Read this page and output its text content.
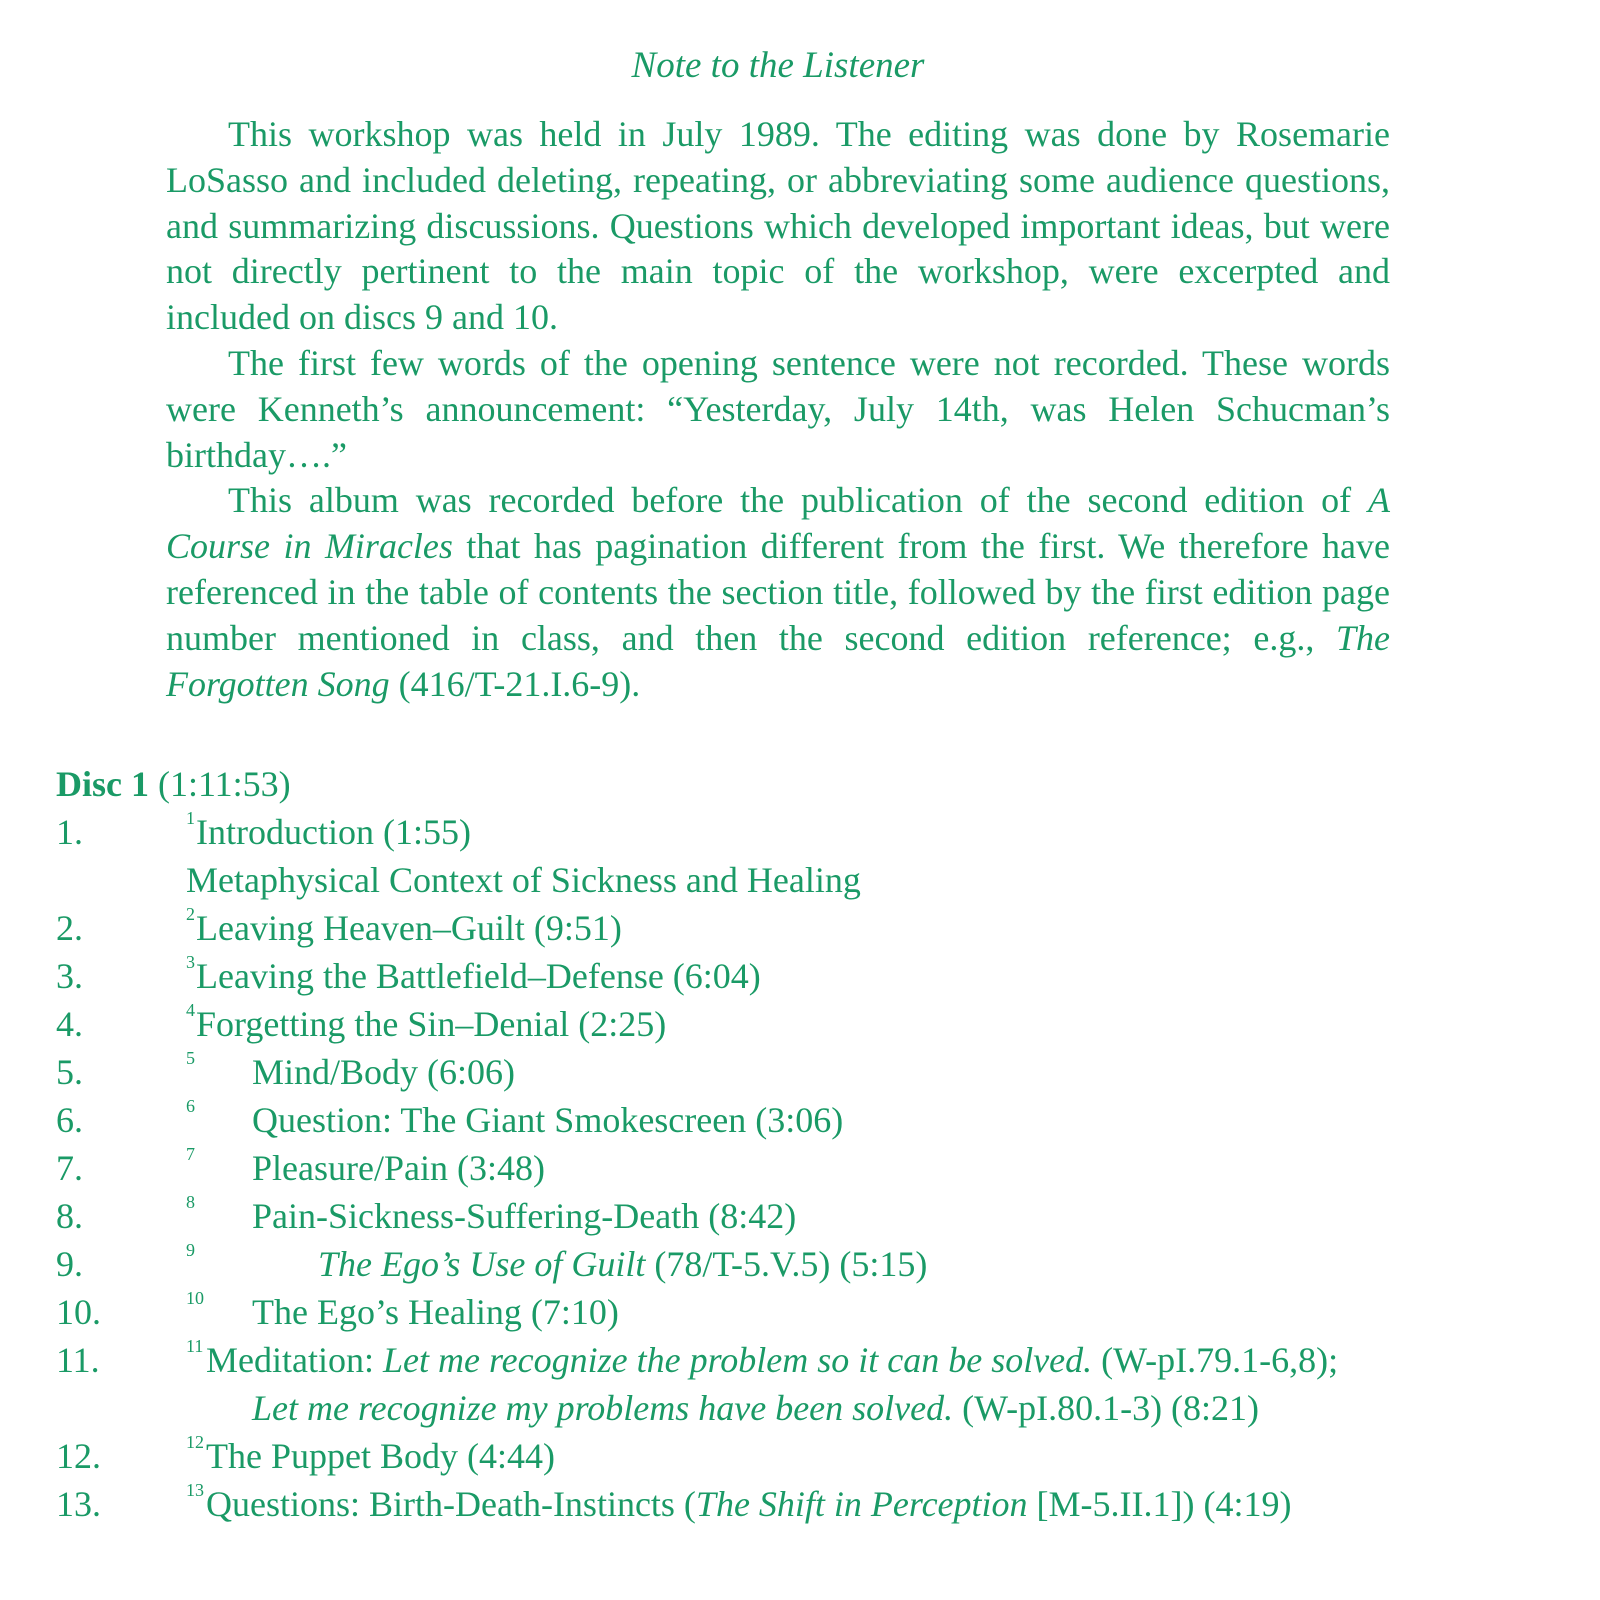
Note to the Listener

This workshop was held in July 1989. The editing was done by Rosemarie LoSasso and included deleting, repeating, or abbreviating some audience questions, and summarizing discussions. Questions which developed important ideas, but were not directly pertinent to the main topic of the workshop, were excerpted and included on discs 9 and 10.

The first few words of the opening sentence were not recorded. These words were Kenneth’s announcement: “Yesterday, July 14th, was Helen Schucman’s birthday….”

This album was recorded before the publication of the second edition of A Course in Miracles that has pagination different from the first. We therefore have referenced in the table of contents the section title, followed by the first edition page number mentioned in class, and then the second edition reference; e.g., The Forgotten Song (416/T-21.I.6-9).

Disc 1 (1:11:53)
1.	1 Introduction (1:55)
Metaphysical Context of Sickness and Healing
2.	2 Leaving Heaven–Guilt (9:51)
3.	3 Leaving the Battlefield–Defense (6:04)
4.	4 Forgetting the Sin–Denial (2:25)
5.	5 Mind/Body (6:06)
6.	6 Question: The Giant Smokescreen (3:06)
7.	7 Pleasure/Pain (3:48)
8.	8 Pain-Sickness-Suffering-Death (8:42)
9.	9	The Ego’s Use of Guilt (78/T-5.V.5) (5:15)
10.	10 The Ego’s Healing (7:10)
11.	11 Meditation: Let me recognize the problem so it can be solved. (W-pI.79.1-6,8);
Let me recognize my problems have been solved. (W-pI.80.1-3) (8:21)
12.	12 The Puppet Body (4:44)
13.	13 Questions: Birth-Death-Instincts (The Shift in Perception [M-5.II.1]) (4:19)
